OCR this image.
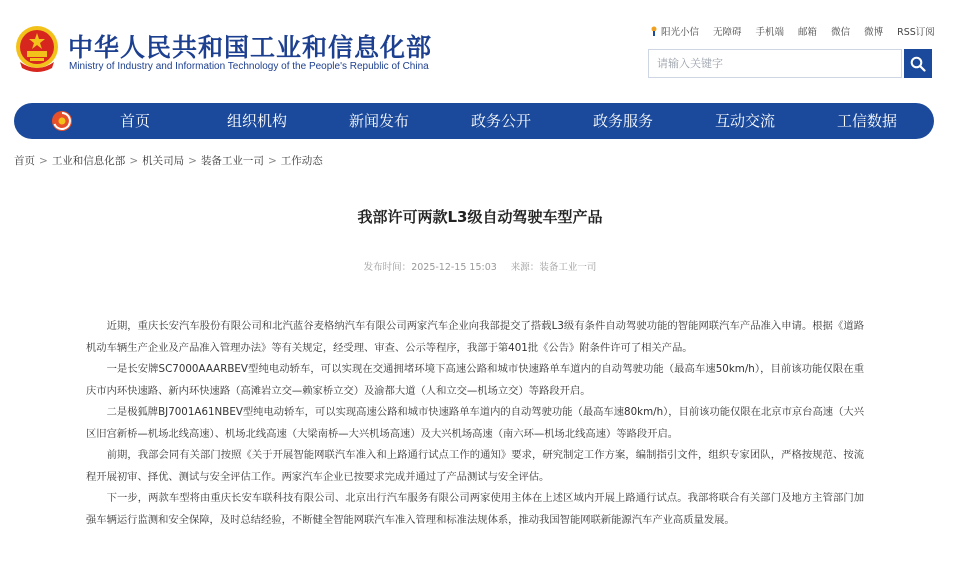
中华人民共和国工业和信息化部
Ministry of Industry and Information Technology of the People's Republic of China
阳光小信 无障碍 手机端 邮箱 微信 微博 RSS订阅
请输入关键字
首页	组织机构	新闻发布	政务公开	政务服务	互动交流	工信数据
首页 > 工业和信息化部 > 机关司局 > 装备工业一司 > 工作动态
我部许可两款L3级自动驾驶车型产品
发布时间：2025-12-15 15:03 来源：装备工业一司

近期，重庆长安汽车股份有限公司和北汽蓝谷麦格纳汽车有限公司两家汽车企业向我部提交了搭载L3级有条件自动驾驶功能的智能网联汽车产品准入申请。根据《道路机动车辆生产企业及产品准入管理办法》等有关规定，经受理、审查、公示等程序，我部于第401批《公告》附条件许可了相关产品。

一是长安牌SC7000AAARBEV型纯电动轿车，可以实现在交通拥堵环境下高速公路和城市快速路单车道内的自动驾驶功能（最高车速50km/h），目前该功能仅限在重庆市内环快速路、新内环快速路（高滩岩立交—赖家桥立交）及渝都大道（人和立交—机场立交）等路段开启。

二是极狐牌BJ7001A61NBEV型纯电动轿车，可以实现高速公路和城市快速路单车道内的自动驾驶功能（最高车速80km/h），目前该功能仅限在北京市京台高速（大兴区旧宫新桥—机场北线高速）、机场北线高速（大梁南桥—大兴机场高速）及大兴机场高速（南六环—机场北线高速）等路段开启。

前期，我部会同有关部门按照《关于开展智能网联汽车准入和上路通行试点工作的通知》要求，研究制定工作方案，编制指引文件，组织专家团队，严格按规范、按流程开展初审、择优、测试与安全评估工作。两家汽车企业已按要求完成并通过了产品测试与安全评估。

下一步，两款车型将由重庆长安车联科技有限公司、北京出行汽车服务有限公司两家使用主体在上述区域内开展上路通行试点。我部将联合有关部门及地方主管部门加强车辆运行监测和安全保障，及时总结经验，不断健全智能网联汽车准入管理和标准法规体系，推动我国智能网联新能源汽车产业高质量发展。
